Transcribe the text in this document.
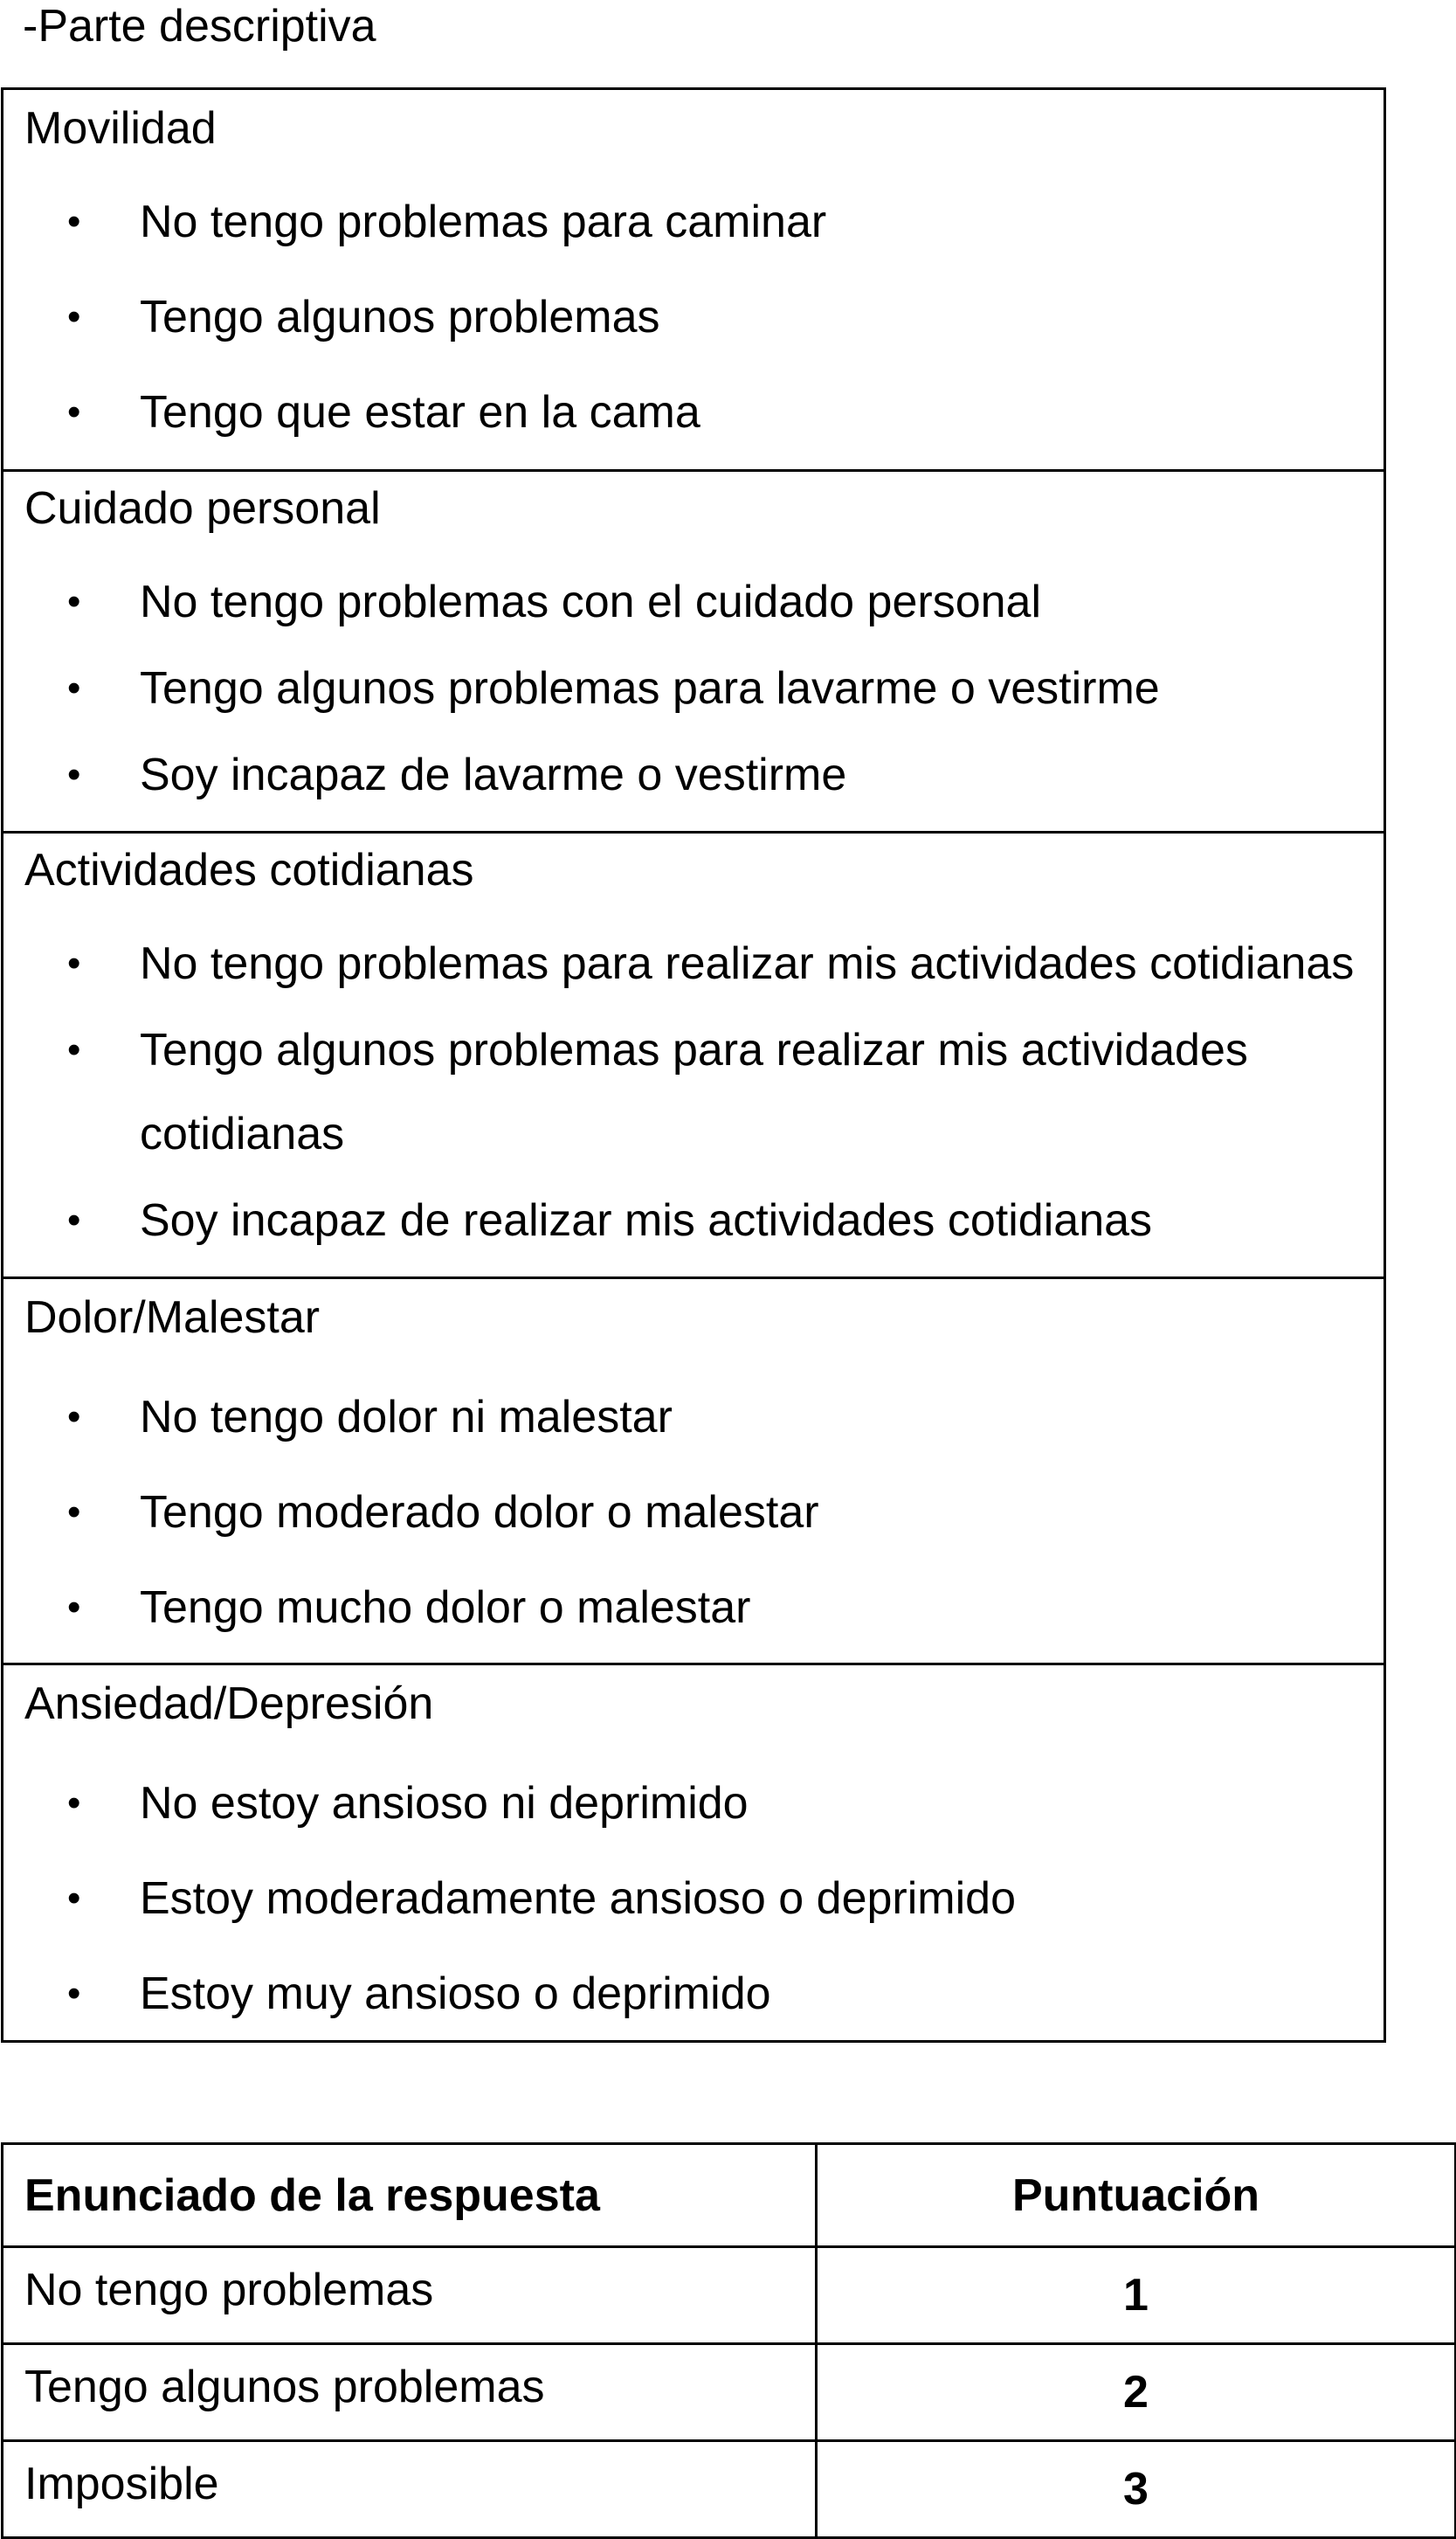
-Parte descriptiva
Movilidad
• No tengo problemas para caminar
• Tengo algunos problemas
• Tengo que estar en la cama
Cuidado personal
• No tengo problemas con el cuidado personal
• Tengo algunos problemas para lavarme o vestirme
• Soy incapaz de lavarme o vestirme
Actividades cotidianas
• No tengo problemas para realizar mis actividades cotidianas
• Tengo algunos problemas para realizar mis actividades cotidianas
• Soy incapaz de realizar mis actividades cotidianas
Dolor/Malestar
• No tengo dolor ni malestar
• Tengo moderado dolor o malestar
• Tengo mucho dolor o malestar
Ansiedad/Depresión
• No estoy ansioso ni deprimido
• Estoy moderadamente ansioso o deprimido
• Estoy muy ansioso o deprimido
Enunciado de la respuesta	Puntuación
No tengo problemas	1
Tengo algunos problemas	2
Imposible	3
